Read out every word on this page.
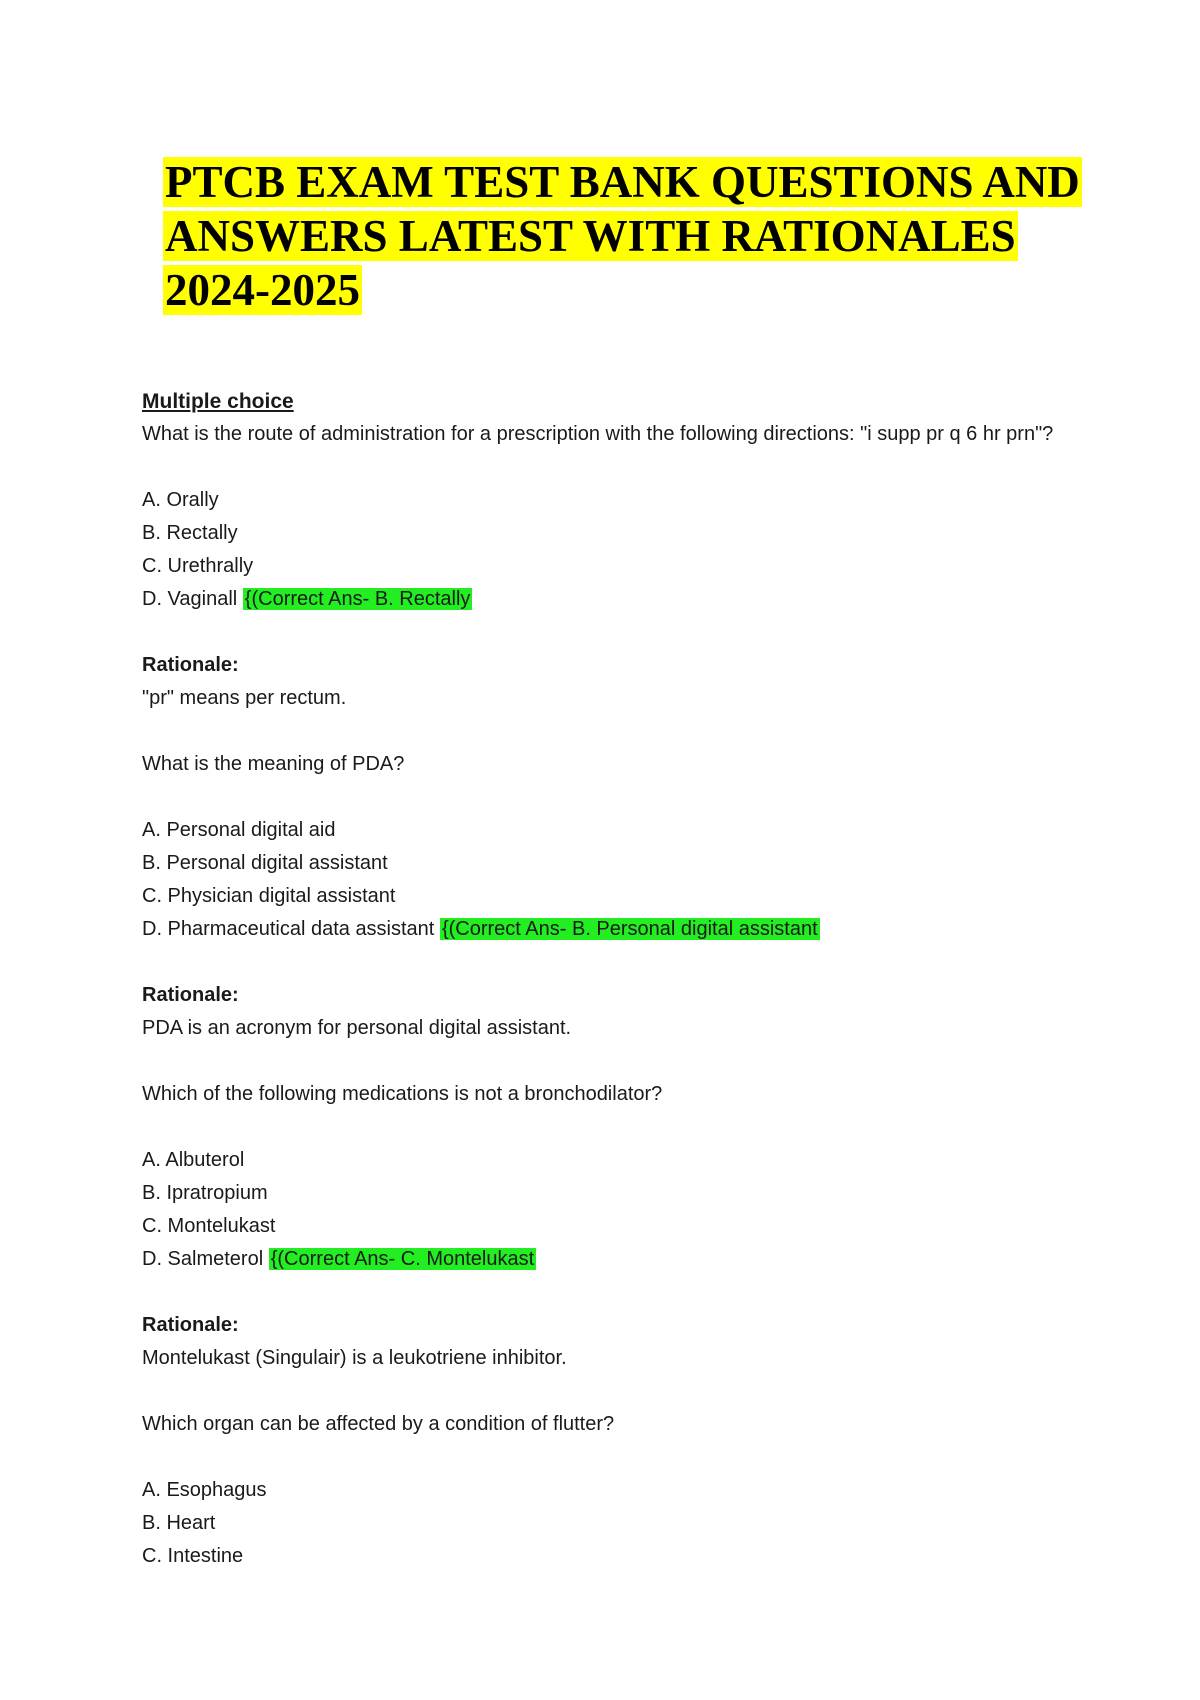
PTCB EXAM TEST BANK QUESTIONS AND ANSWERS LATEST WITH RATIONALES 2024-2025

Multiple choice

What is the route of administration for a prescription with the following directions: "i supp pr q 6 hr prn"?

A. Orally

B. Rectally

C. Urethrally

D. Vaginall {(Correct Ans- B. Rectally

Rationale:

"pr" means per rectum.

What is the meaning of PDA?

A. Personal digital aid

B. Personal digital assistant

C. Physician digital assistant

D. Pharmaceutical data assistant {(Correct Ans- B. Personal digital assistant

Rationale:

PDA is an acronym for personal digital assistant.

Which of the following medications is not a bronchodilator?

A. Albuterol

B. Ipratropium

C. Montelukast

D. Salmeterol {(Correct Ans- C. Montelukast

Rationale:

Montelukast (Singulair) is a leukotriene inhibitor.

Which organ can be affected by a condition of flutter?

A. Esophagus

B. Heart

C. Intestine
